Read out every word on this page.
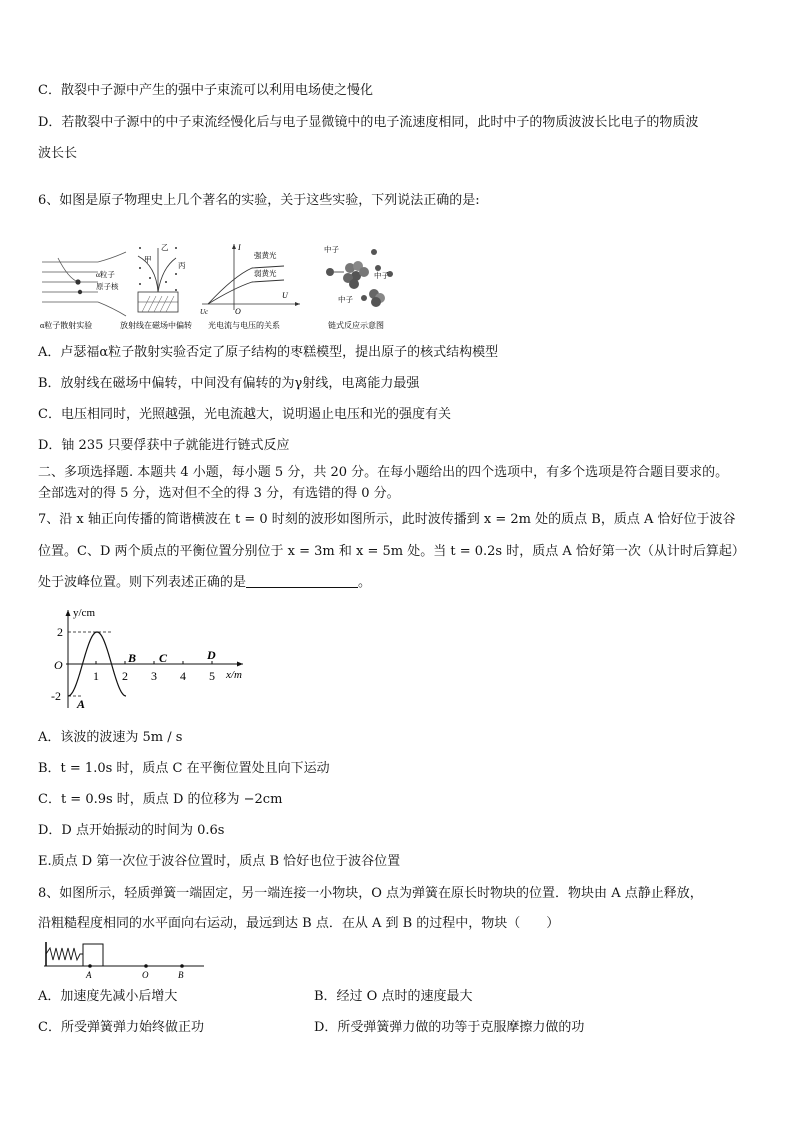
C．散裂中子源中产生的强中子束流可以利用电场使之慢化
D．若散裂中子源中的中子束流经慢化后与电子显微镜中的电子流速度相同，此时中子的物质波波长比电子的物质波
波长长
6、如图是原子物理史上几个著名的实验，关于这些实验，下列说法正确的是:
α粒子
原子核
α粒子散射实验
甲
乙
丙
放射线在磁场中偏转
I
U
O
Uc
强黄光
弱黄光
光电流与电压的关系
中子
中子
中子
链式反应示意图
A．卢瑟福α粒子散射实验否定了原子结构的枣糕模型，提出原子的核式结构模型
B．放射线在磁场中偏转，中间没有偏转的为γ射线，电离能力最强
C．电压相同时，光照越强，光电流越大，说明遏止电压和光的强度有关
D．铀 235 只要俘获中子就能进行链式反应
二、多项选择题. 本题共 4 小题，每小题 5 分，共 20 分。在每小题给出的四个选项中，有多个选项是符合题目要求的。
全部选对的得 5 分，选对但不全的得 3 分，有选错的得 0 分。
7、沿 x 轴正向传播的简谐横波在 t = 0 时刻的波形如图所示，此时波传播到 x = 2m 处的质点 B，质点 A 恰好位于波谷
位置。C、D 两个质点的平衡位置分别位于 x = 3m 和 x = 5m 处。当 t = 0.2s 时，质点 A 恰好第一次（从计时后算起）
处于波峰位置。则下列表述正确的是	。
y/cm
x/m
O
2
-2
1 2 3 4 5
A
B C	D
A．该波的波速为 5m / s
B．t = 1.0s 时，质点 C 在平衡位置处且向下运动
C．t = 0.9s 时，质点 D 的位移为 −2cm
D．D 点开始振动的时间为 0.6s
E.质点 D 第一次位于波谷位置时，质点 B 恰好也位于波谷位置
8、如图所示，轻质弹簧一端固定，另一端连接一小物块，O 点为弹簧在原长时物块的位置．物块由 A 点静止释放，
沿粗糙程度相同的水平面向右运动，最远到达 B 点．在从 A 到 B 的过程中，物块（　　）
A	O	B
A．加速度先减小后增大	B．经过 O 点时的速度最大
C．所受弹簧弹力始终做正功	D．所受弹簧弹力做的功等于克服摩擦力做的功
